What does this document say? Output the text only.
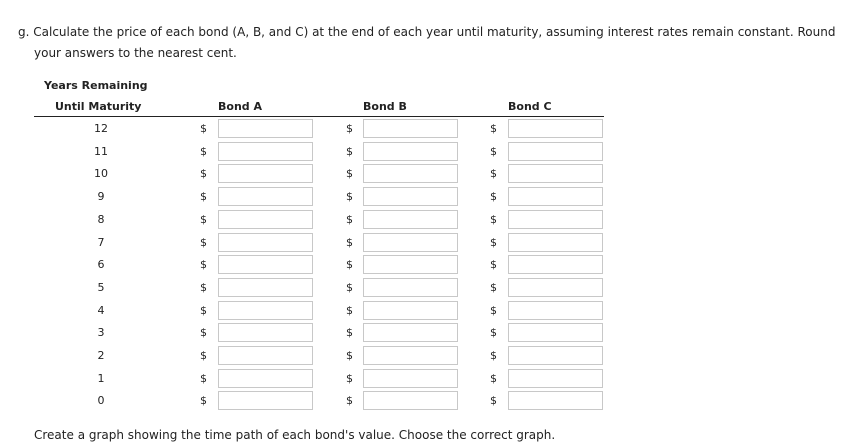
g. Calculate the price of each bond (A, B, and C) at the end of each year until maturity, assuming interest rates remain constant. Round
your answers to the nearest cent.
Years Remaining
Until Maturity	Bond A	Bond B	Bond C
12	$	$	$
11	$	$	$
10	$	$	$
9	$	$	$
8	$	$	$
7	$	$	$
6	$	$	$
5	$	$	$
4	$	$	$
3	$	$	$
2	$	$	$
1	$	$	$
0	$	$	$
Create a graph showing the time path of each bond's value. Choose the correct graph.
